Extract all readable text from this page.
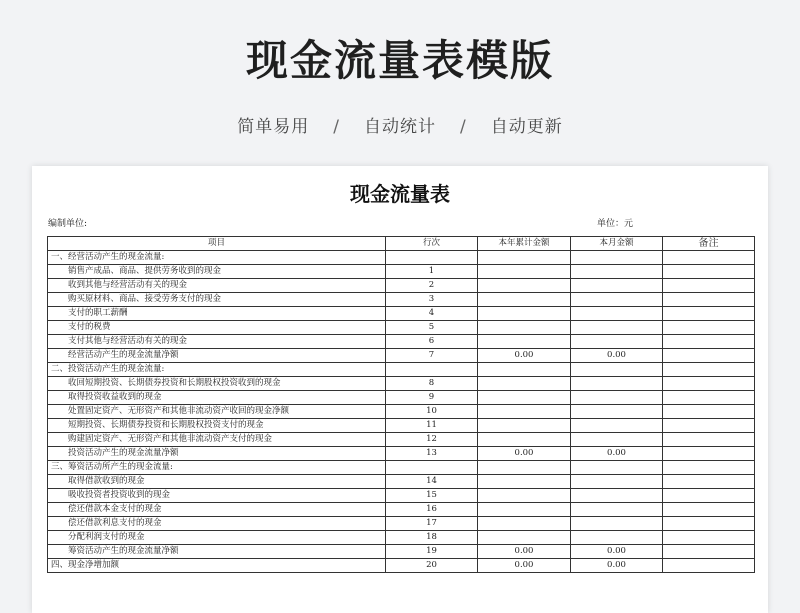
现金流量表模版
简单易用 / 自动统计 / 自动更新
现金流量表
编制单位:	单位：元
项目	行次	本年累计金额	本月金额	备注
一、经营活动产生的现金流量:				
销售产成品、商品、提供劳务收到的现金	1			
收到其他与经营活动有关的现金	2			
购买原材料、商品、接受劳务支付的现金	3			
支付的职工薪酬	4			
支付的税费	5			
支付其他与经营活动有关的现金	6			
经营活动产生的现金流量净额	7	0.00	0.00	
二、投资活动产生的现金流量:				
收回短期投资、长期债券投资和长期股权投资收到的现金	8			
取得投资收益收到的现金	9			
处置固定资产、无形资产和其他非流动资产收回的现金净额	10			
短期投资、长期债券投资和长期股权投资支付的现金	11			
购建固定资产、无形资产和其他非流动资产支付的现金	12			
投资活动产生的现金流量净额	13	0.00	0.00	
三、筹资活动所产生的现金流量:				
取得借款收到的现金	14			
吸收投资者投资收到的现金	15			
偿还借款本金支付的现金	16			
偿还借款利息支付的现金	17			
分配利润支付的现金	18			
筹资活动产生的现金流量净额	19	0.00	0.00	
四、现金净增加额	20	0.00	0.00	
